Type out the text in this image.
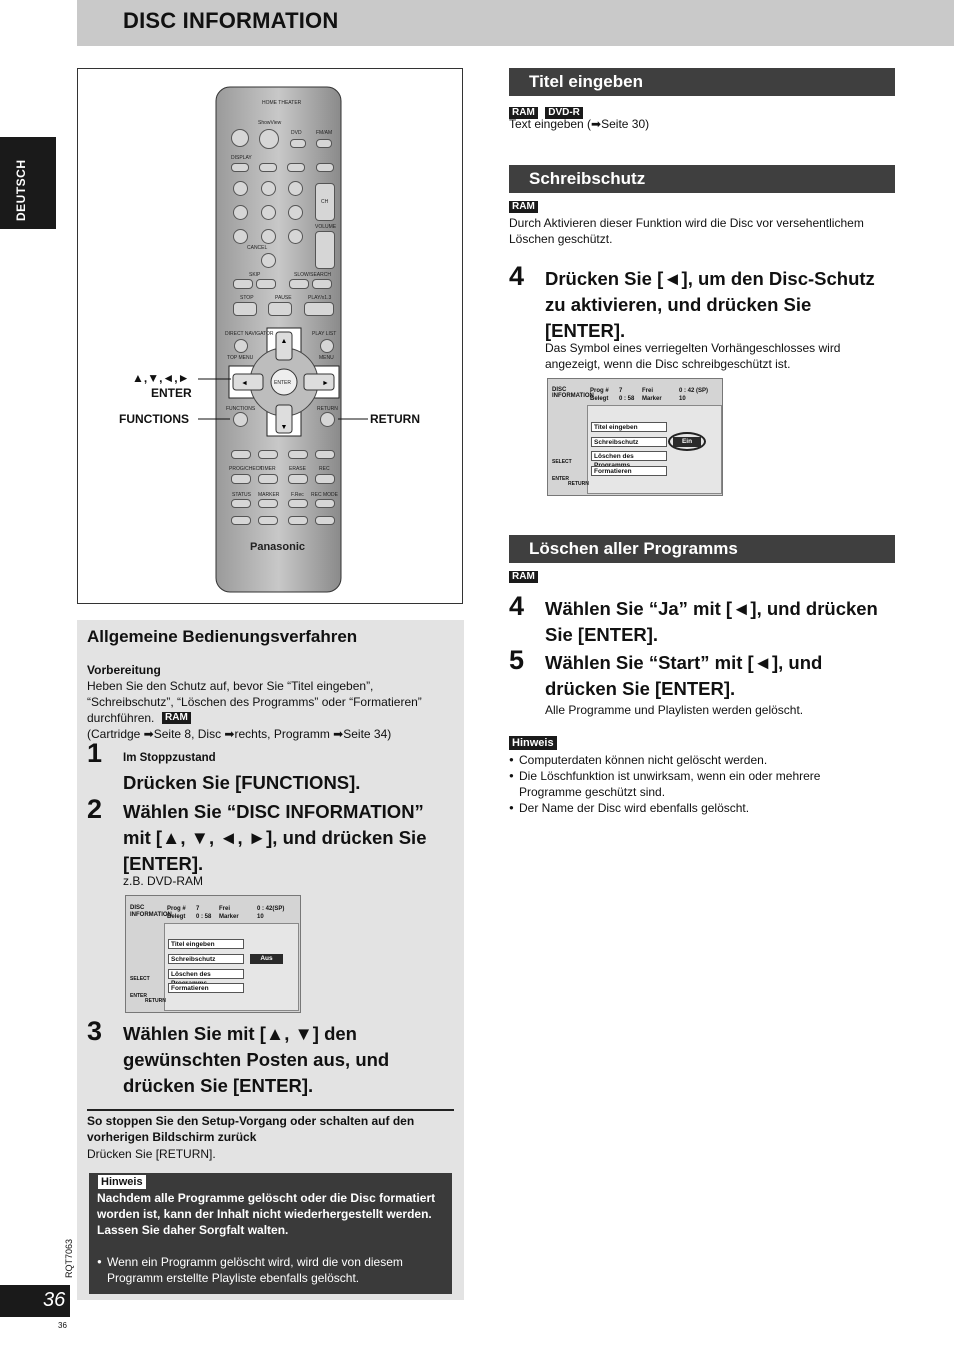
DISC INFORMATION
DEUTSCH
▲
▼
◄	►
HOME THEATER
ShowView
DVD	FM/AM
DISPLAY
CH
VOLUME
CANCEL
SKIP	SLOW/SEARCH
STOP	PAUSE	PLAY/x1.3
DIRECT NAVIGATOR
TOP MENU
PLAY LIST
MENU
ENTER
FUNCTIONS	RETURN
PROG/CHECK
TIMER	ERASE	REC
STATUS MARKER F.Rec REC MODE
Panasonic
▲,▼,◄,►
ENTER
FUNCTIONS	RETURN
Allgemeine Bedienungsverfahren
Vorbereitung
Heben Sie den Schutz auf, bevor Sie “Titel eingeben”, “Schreibschutz”, “Löschen des Programms” oder “Formatieren” durchführen.	RAM
(Cartridge ➡Seite 8, Disc ➡rechts, Programm ➡Seite 34)
1 Im Stoppzustand
Drücken Sie [FUNCTIONS].
2 Wählen Sie “DISC INFORMATION” mit [▲, ▼, ◄, ►], und drücken Sie [ENTER].
z.B. DVD-RAM
DISC
INFORMATION
Prog # 7	Frei	0 : 42(SP)
Belegt 0 : 58 Marker	10
Titel eingeben
Schreibschutz	Aus
Löschen des
Formatieren
SELECT
ENTER
RETURN
3 Wählen Sie mit [▲, ▼] den gewünschten Posten aus, und drücken Sie [ENTER].
So stoppen Sie den Setup-Vorgang oder schalten auf den vorherigen Bildschirm zurück
Drücken Sie [RETURN].
Hinweis
Nachdem alle Programme gelöscht oder die Disc formatiert worden ist, kann der Inhalt nicht wiederhergestellt werden. Lassen Sie daher Sorgfalt walten.
● Wenn ein Programm gelöscht wird, wird die von diesem Programm erstellte Playliste ebenfalls gelöscht.
RQT7063
36
36
Titel eingeben
RAM DVD-R
Text eingeben (➡Seite 30)
Schreibschutz
RAM
Durch Aktivieren dieser Funktion wird die Disc vor versehentlichem Löschen geschützt.
4 Drücken Sie [◄], um den Disc-Schutz zu aktivieren, und drücken Sie [ENTER].
Das Symbol eines verriegelten Vorhängeschlosses wird angezeigt, wenn die Disc schreibgeschützt ist.
DISC
INFORMATION
Prog # 7	Frei	0 : 42 (SP)
Belegt 0 : 58 Marker	10
Titel eingeben
Schreibschutz	Ein
Löschen des
Formatieren
SELECT
ENTER
RETURN
Löschen aller Programms
RAM
4 Wählen Sie “Ja” mit [◄], und drücken Sie [ENTER].
5 Wählen Sie “Start” mit [◄], und drücken Sie [ENTER].
Alle Programme und Playlisten werden gelöscht.
Hinweis
● Computerdaten können nicht gelöscht werden.
● Die Löschfunktion ist unwirksam, wenn ein oder mehrere Programme geschützt sind.
● Der Name der Disc wird ebenfalls gelöscht.
